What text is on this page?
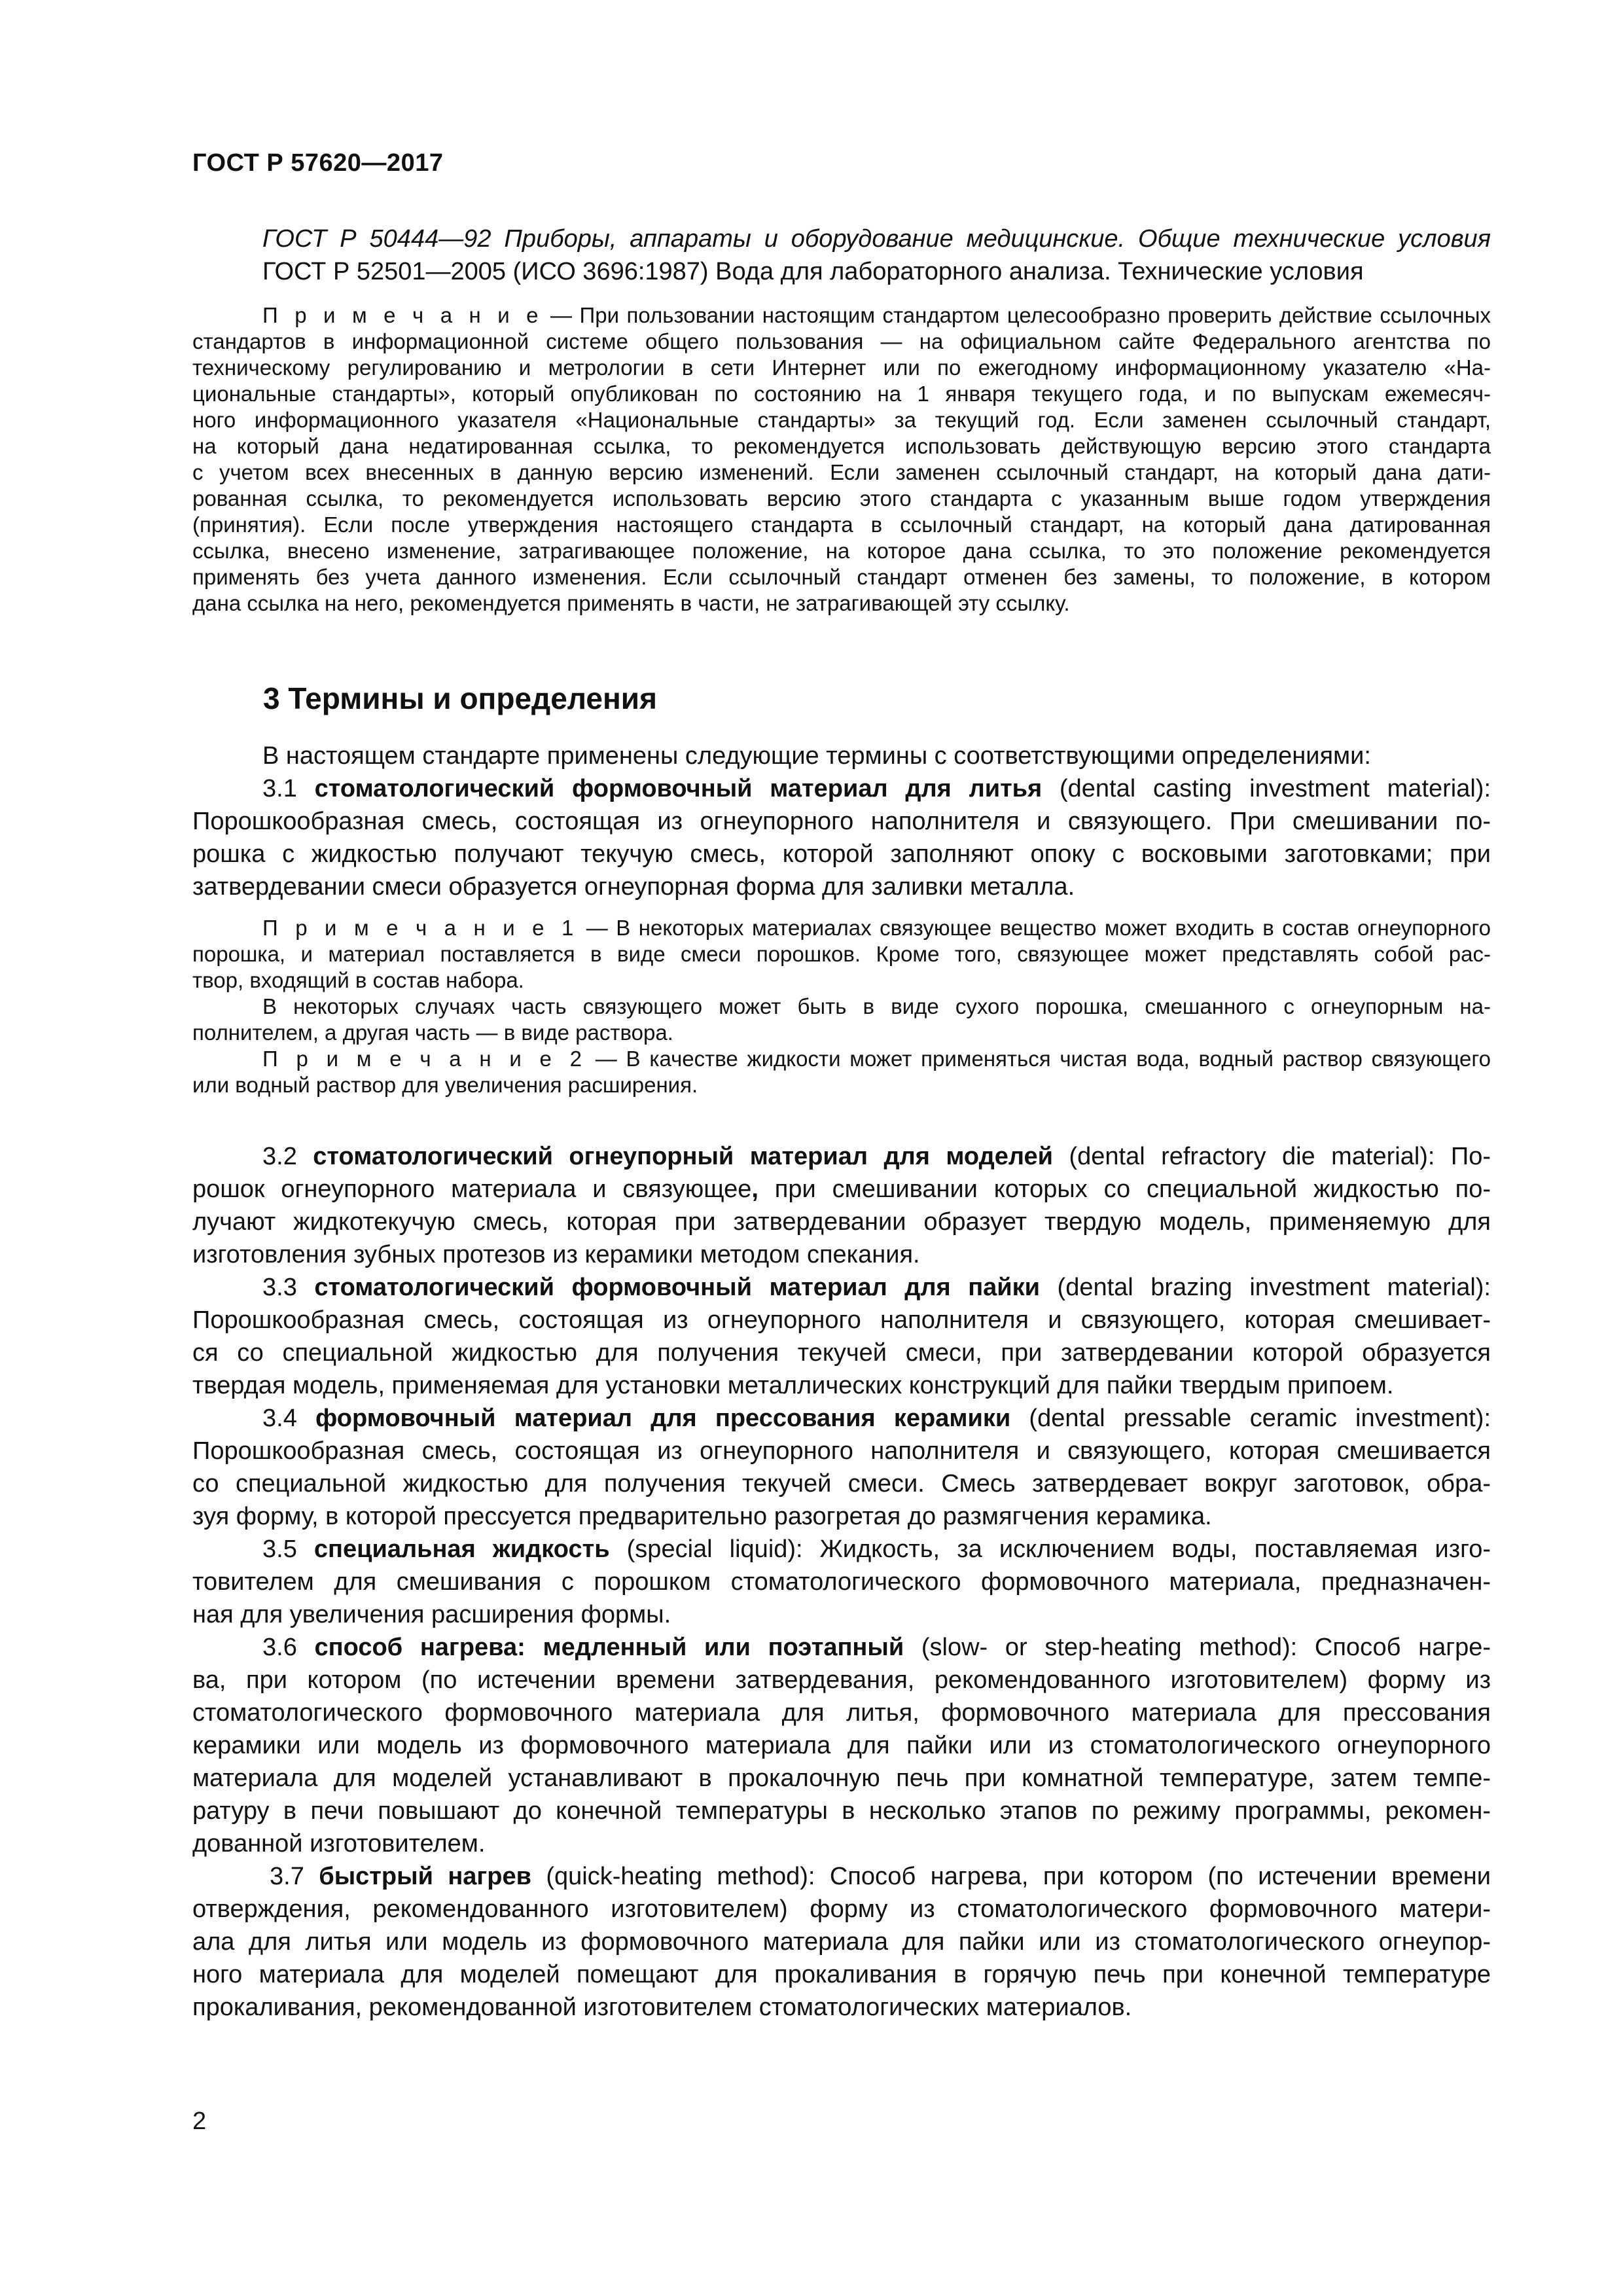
ГОСТ Р 57620—2017

ГОСТ Р 50444—92 Приборы, аппараты и оборудование медицинские. Общие технические условия

ГОСТ Р 52501—2005 (ИСО 3696:1987) Вода для лабораторного анализа. Технические условия

П р и м е ч а н и е — При пользовании настоящим стандартом целесообразно проверить действие ссылочных

стандартов в информационной системе общего пользования — на официальном сайте Федерального агентства по

техническому регулированию и метрологии в сети Интернет или по ежегодному информационному указателю «На-

циональные стандарты», который опубликован по состоянию на 1 января текущего года, и по выпускам ежемесяч-

ного информационного указателя «Национальные стандарты» за текущий год. Если заменен ссылочный стандарт,

на который дана недатированная ссылка, то рекомендуется использовать действующую версию этого стандарта

с учетом всех внесенных в данную версию изменений. Если заменен ссылочный стандарт, на который дана дати-

рованная ссылка, то рекомендуется использовать версию этого стандарта с указанным выше годом утверждения

(принятия). Если после утверждения настоящего стандарта в ссылочный стандарт, на который дана датированная

ссылка, внесено изменение, затрагивающее положение, на которое дана ссылка, то это положение рекомендуется

применять без учета данного изменения. Если ссылочный стандарт отменен без замены, то положение, в котором

дана ссылка на него, рекомендуется применять в части, не затрагивающей эту ссылку.

3 Термины и определения

В настоящем стандарте применены следующие термины с соответствующими определениями:

3.1 стоматологический формовочный материал для литья (dental casting investment material):

Порошкообразная смесь, состоящая из огнеупорного наполнителя и связующего. При смешивании по-

рошка с жидкостью получают текучую смесь, которой заполняют опоку с восковыми заготовками; при

затвердевании смеси образуется огнеупорная форма для заливки металла.

П р и м е ч а н и е 1 — В некоторых материалах связующее вещество может входить в состав огнеупорного

порошка, и материал поставляется в виде смеси порошков. Кроме того, связующее может представлять собой рас-

твор, входящий в состав набора.

В некоторых случаях часть связующего может быть в виде сухого порошка, смешанного с огнеупорным на-

полнителем, а другая часть — в виде раствора.

П р и м е ч а н и е 2 — В качестве жидкости может применяться чистая вода, водный раствор связующего

или водный раствор для увеличения расширения.

3.2 стоматологический огнеупорный материал для моделей (dental refractory die material): По-

рошок огнеупорного материала и связующее, при смешивании которых со специальной жидкостью по-

лучают жидкотекучую смесь, которая при затвердевании образует твердую модель, применяемую для

изготовления зубных протезов из керамики методом спекания.

3.3 стоматологический формовочный материал для пайки (dental brazing investment material):

Порошкообразная смесь, состоящая из огнеупорного наполнителя и связующего, которая смешивает-

ся со специальной жидкостью для получения текучей смеси, при затвердевании которой образуется

твердая модель, применяемая для установки металлических конструкций для пайки твердым припоем.

3.4 формовочный материал для прессования керамики (dental pressable ceramic investment):

Порошкообразная смесь, состоящая из огнеупорного наполнителя и связующего, которая смешивается

со специальной жидкостью для получения текучей смеси. Смесь затвердевает вокруг заготовок, обра-

зуя форму, в которой прессуется предварительно разогретая до размягчения керамика.

3.5 специальная жидкость (special liquid): Жидкость, за исключением воды, поставляемая изго-

товителем для смешивания с порошком стоматологического формовочного материала, предназначен-

ная для увеличения расширения формы.

3.6 способ нагрева: медленный или поэтапный (slow- or step-heating method): Способ нагре-

ва, при котором (по истечении времени затвердевания, рекомендованного изготовителем) форму из

стоматологического формовочного материала для литья, формовочного материала для прессования

керамики или модель из формовочного материала для пайки или из стоматологического огнеупорного

материала для моделей устанавливают в прокалочную печь при комнатной температуре, затем темпе-

ратуру в печи повышают до конечной температуры в несколько этапов по режиму программы, рекомен-

дованной изготовителем.

3.7 быстрый нагрев (quick-heating method): Способ нагрева, при котором (по истечении времени

отверждения, рекомендованного изготовителем) форму из стоматологического формовочного матери-

ала для литья или модель из формовочного материала для пайки или из стоматологического огнеупор-

ного материала для моделей помещают для прокаливания в горячую печь при конечной температуре

прокаливания, рекомендованной изготовителем стоматологических материалов.

2
